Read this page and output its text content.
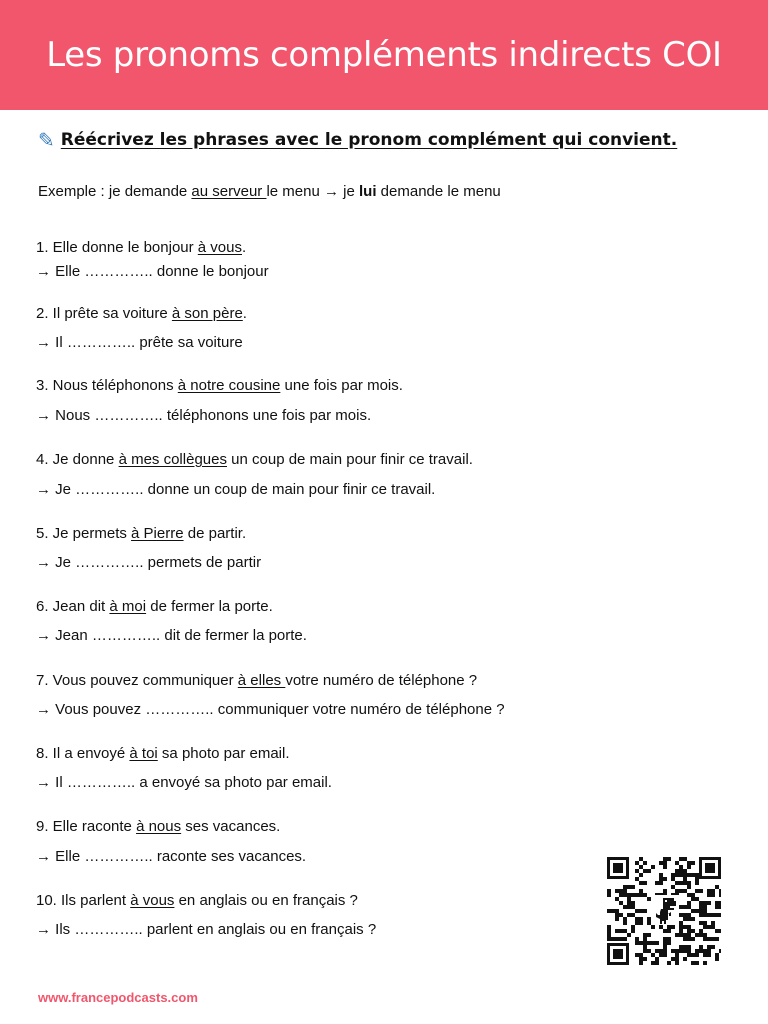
Les pronoms compléments indirects COI
✎ Réécrivez les phrases avec le pronom complément qui convient.
Exemple : je demande au serveur le menu → je lui demande le menu
1. Elle donne le bonjour à vous.
→ Elle ………….. donne le bonjour
2. Il prête sa voiture à son père.
→ Il ………….. prête sa voiture
3. Nous téléphonons à notre cousine une fois par mois.
→ Nous ………….. téléphonons une fois par mois.
4. Je donne à mes collègues un coup de main pour finir ce travail.
→ Je ………….. donne un coup de main pour finir ce travail.
5. Je permets à Pierre de partir.
→ Je ………….. permets de partir
6. Jean dit à moi de fermer la porte.
→ Jean ………….. dit de fermer la porte.
7. Vous pouvez communiquer à elles votre numéro de téléphone ?
→ Vous pouvez ………….. communiquer votre numéro de téléphone ?
8. Il a envoyé à toi sa photo par email.
→ Il ………….. a envoyé sa photo par email.
9. Elle raconte à nous ses vacances.
→ Elle ………….. raconte ses vacances.
10. Ils parlent à vous en anglais ou en français ?
→ Ils ………….. parlent en anglais ou en français ?
www.francepodcasts.com
